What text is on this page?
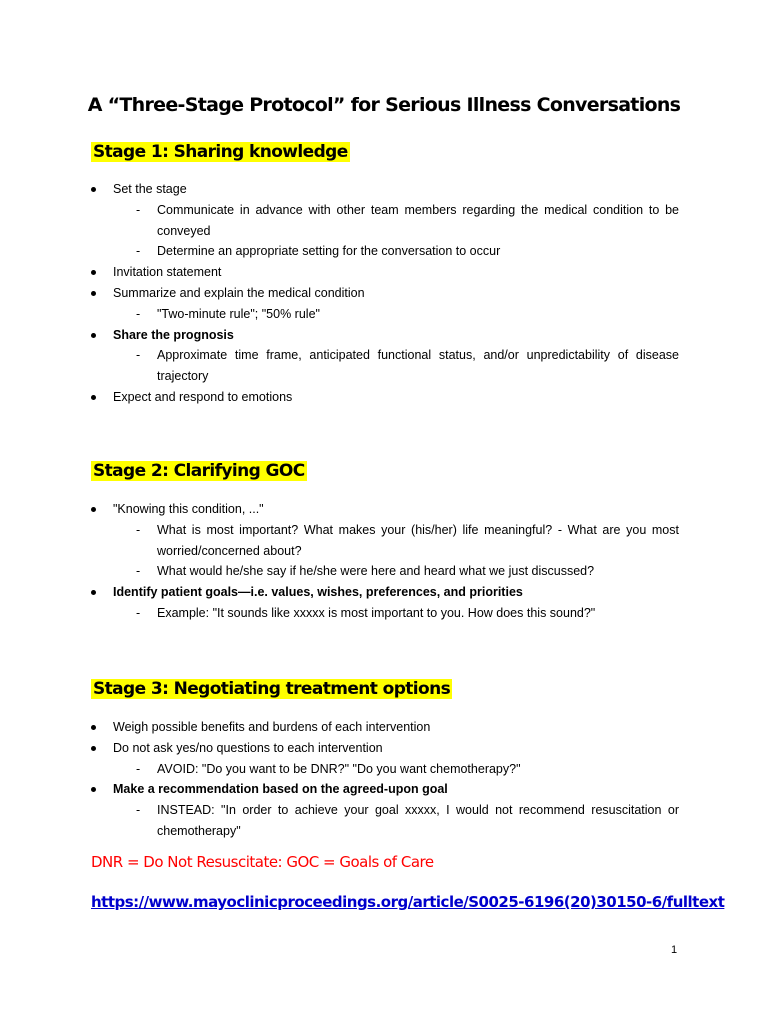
A “Three-Stage Protocol” for Serious Illness Conversations
Stage 1: Sharing knowledge
Set the stage
- Communicate in advance with other team members regarding the medical condition to be conveyed
- Determine an appropriate setting for the conversation to occur
Invitation statement
Summarize and explain the medical condition
- "Two-minute rule"; "50% rule"
Share the prognosis
- Approximate time frame, anticipated functional status, and/or unpredictability of disease trajectory
Expect and respond to emotions
Stage 2: Clarifying GOC
"Knowing this condition, ..."
- What is most important? What makes your (his/her) life meaningful? - What are you most worried/concerned about?
- What would he/she say if he/she were here and heard what we just discussed?
Identify patient goals—i.e. values, wishes, preferences, and priorities
- Example: "It sounds like xxxxx is most important to you. How does this sound?"
Stage 3: Negotiating treatment options
Weigh possible benefits and burdens of each intervention
Do not ask yes/no questions to each intervention
- AVOID: "Do you want to be DNR?" "Do you want chemotherapy?"
Make a recommendation based on the agreed-upon goal
- INSTEAD: "In order to achieve your goal xxxxx, I would not recommend resuscitation or chemotherapy"

DNR = Do Not Resuscitate: GOC = Goals of Care

https://www.mayoclinicproceedings.org/article/S0025-6196(20)30150-6/fulltext

1
